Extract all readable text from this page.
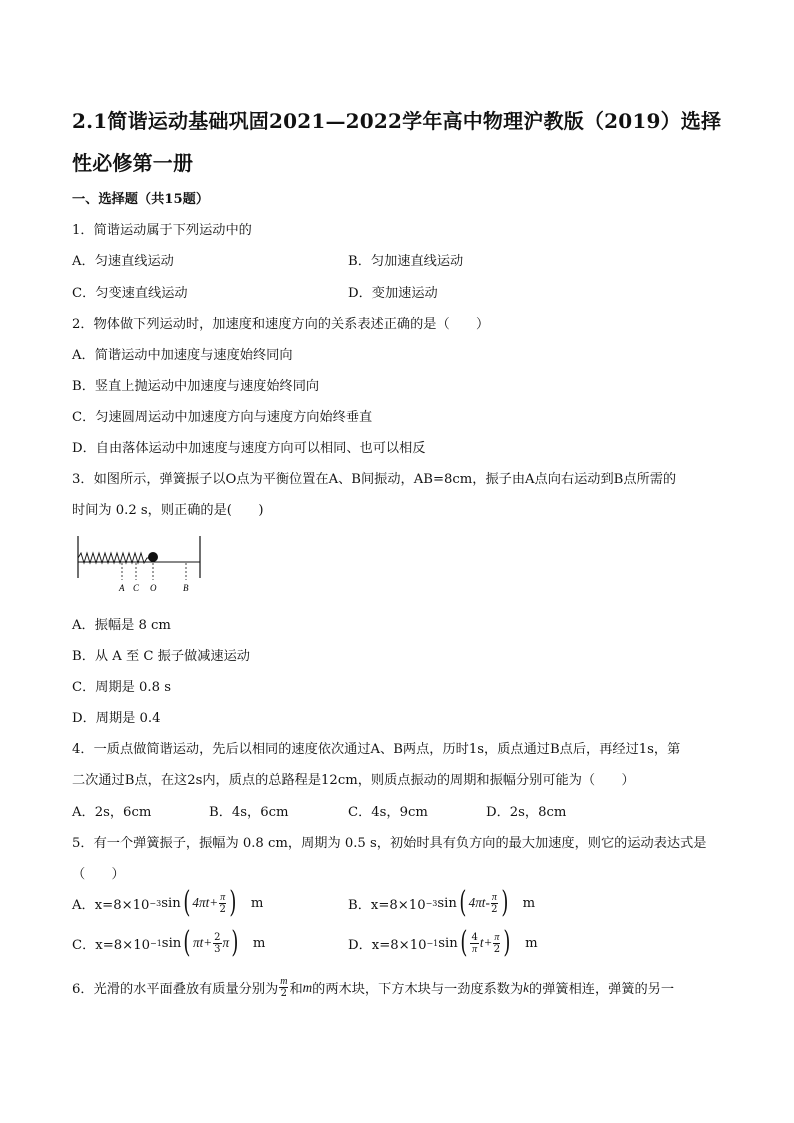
2.1简谐运动基础巩固2021—2022学年高中物理沪教版（2019）选择性必修第一册
一、选择题（共15题）
1．简谐运动属于下列运动中的
A．匀速直线运动	B．匀加速直线运动
C．匀变速直线运动	D．变加速运动
2．物体做下列运动时，加速度和速度方向的关系表述正确的是（　　）
A．简谐运动中加速度与速度始终同向
B．竖直上抛运动中加速度与速度始终同向
C．匀速圆周运动中加速度方向与速度方向始终垂直
D．自由落体运动中加速度与速度方向可以相同、也可以相反
3．如图所示，弹簧振子以O点为平衡位置在A、B间振动，AB=8cm，振子由A点向右运动到B点所需的
时间为 0.2 s，则正确的是(　　)
A C O	B
A．振幅是 8 cm
B．从 A 至 C 振子做减速运动
C．周期是 0.8 s
D．周期是 0.4
4．一质点做简谐运动，先后以相同的速度依次通过A、B两点，历时1s，质点通过B点后，再经过1s，第
二次通过B点，在这2s内，质点的总路程是12cm，则质点振动的周期和振幅分别可能为（　　）
A．2s，6cm	B．4s，6cm	C．4s，9cm	D．2s，8cm
5．有一个弹簧振子，振幅为 0.8 cm，周期为 0.5 s，初始时具有负方向的最大加速度，则它的运动表达式是
（　　）
A．x=8×10 −3 sin ( $4\pi t+ \frac{\pi}{2}$ ) m	B．x=8×10 −3 sin ( $4\pi t- \frac{\pi}{2}$ ) m
C．x=8×10 −1 sin ( $\pi t+ \frac{2}{3}$ π ) m	D．x=8×10 −1 sin ( $\frac{4}{\pi} t+ \frac{\pi}{2}$ ) m
6．光滑的水平面叠放有质量分别为 $\frac{m}{2}$ 和 m 的两木块，下方木块与一劲度系数为 k 的弹簧相连，弹簧的另一
